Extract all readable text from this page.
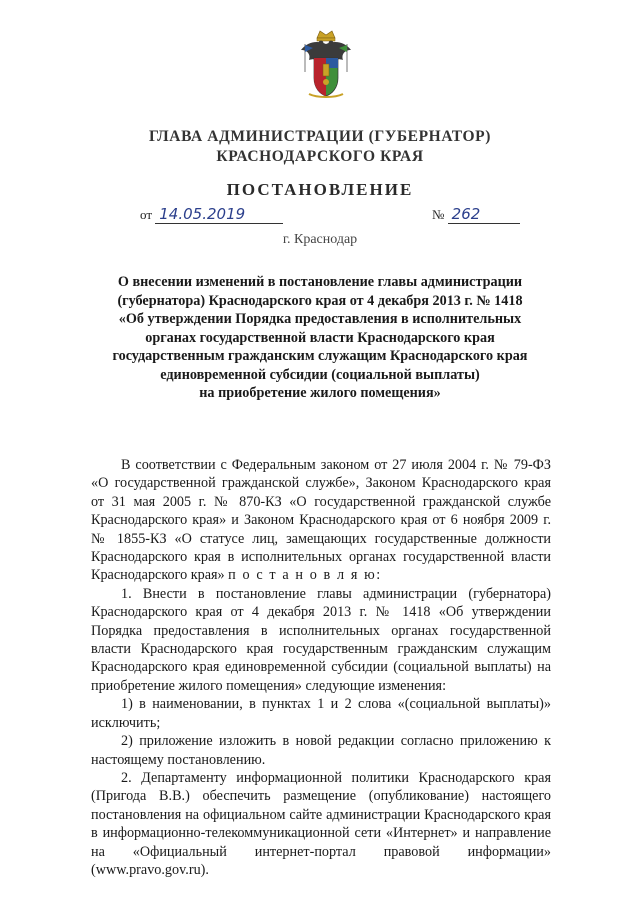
ГЛАВА АДМИНИСТРАЦИИ (ГУБЕРНАТОР)
КРАСНОДАРСКОГО КРАЯ
ПОСТАНОВЛЕНИЕ
от 14.05.2019	№ 262
г. Краснодар
О внесении изменений в постановление главы администрации
(губернатора) Краснодарского края от 4 декабря 2013 г. № 1418
«Об утверждении Порядка предоставления в исполнительных
органах государственной власти Краснодарского края
государственным гражданским служащим Краснодарского края
единовременной субсидии (социальной выплаты)
на приобретение жилого помещения»

В соответствии с Федеральным законом от 27 июля 2004 г. № 79-ФЗ «О государственной гражданской службе», Законом Краснодарского края от 31 мая 2005 г. № 870-КЗ «О государственной гражданской службе Краснодарского края» и Законом Краснодарского края от 6 ноября 2009 г. № 1855-КЗ «О статусе лиц, замещающих государственные должности Краснодарского края в исполнительных органах государственной власти Краснодарского края» п о с т а н о в л я ю:

1. Внести в постановление главы администрации (губернатора) Краснодарского края от 4 декабря 2013 г. № 1418 «Об утверждении Порядка предоставления в исполнительных органах государственной власти Краснодарского края государственным гражданским служащим Краснодарского края единовременной субсидии (социальной выплаты) на приобретение жилого помещения» следующие изменения:

1) в наименовании, в пунктах 1 и 2 слова «(социальной выплаты)» исключить;

2) приложение изложить в новой редакции согласно приложению к настоящему постановлению.

2. Департаменту информационной политики Краснодарского края (Пригода В.В.) обеспечить размещение (опубликование) настоящего постановления на официальном сайте администрации Краснодарского края в информационно-телекоммуникационной сети «Интернет» и направление на «Официальный интернет-портал правовой информации» (www.pravo.gov.ru).
